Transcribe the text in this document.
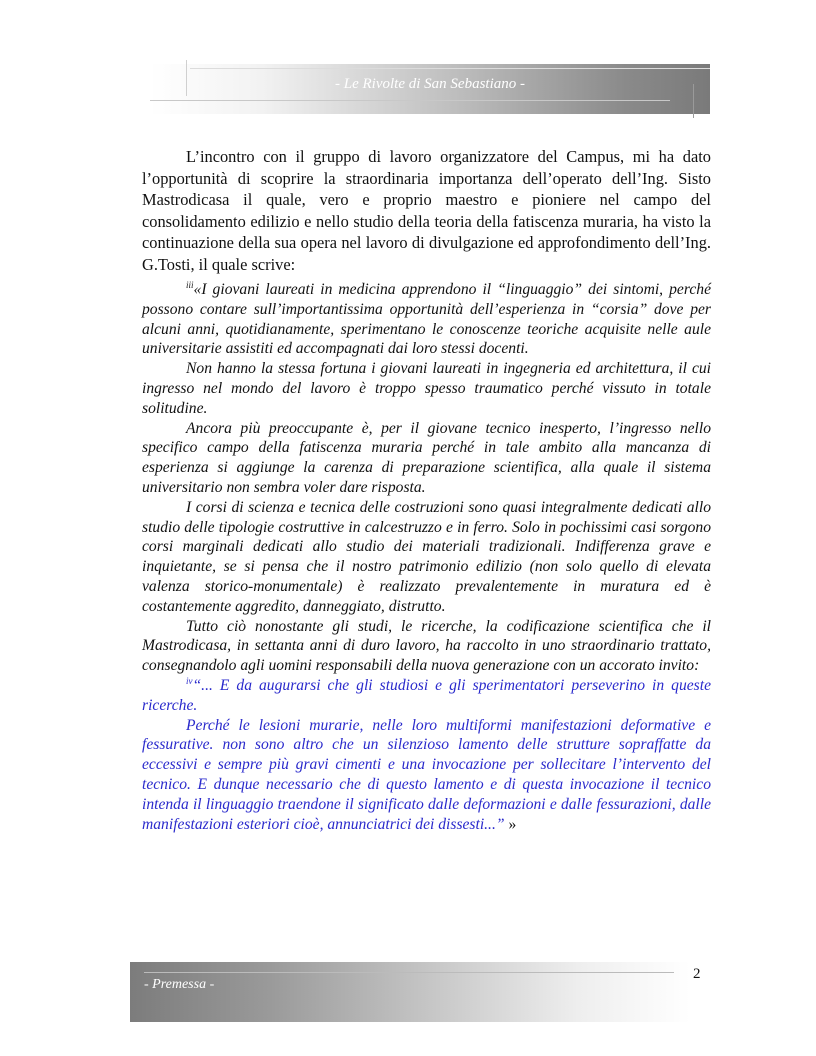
- Le Rivolte di San Sebastiano -

L’incontro con il gruppo di lavoro organizzatore del Campus, mi ha dato l’opportunità di scoprire la straordinaria importanza dell’operato dell’Ing. Sisto Mastrodicasa il quale, vero e proprio maestro e pioniere nel campo del consolidamento edilizio e nello studio della teoria della fatiscenza muraria, ha visto la continuazione della sua opera nel lavoro di divulgazione ed approfondimento dell’Ing. G.Tosti, il quale scrive:

$^{iii}$«I giovani laureati in medicina apprendono il “linguaggio” dei sintomi, perché possono contare sull’importantissima opportunità dell’esperienza in “corsia” dove per alcuni anni, quotidianamente, sperimentano le conoscenze teoriche acquisite nelle aule universitarie assistiti ed accompagnati dai loro stessi docenti.

Non hanno la stessa fortuna i giovani laureati in ingegneria ed architettura, il cui ingresso nel mondo del lavoro è troppo spesso traumatico perché vissuto in totale solitudine.

Ancora più preoccupante è, per il giovane tecnico inesperto, l’ingresso nello specifico campo della fatiscenza muraria perché in tale ambito alla mancanza di esperienza si aggiunge la carenza di preparazione scientifica, alla quale il sistema universitario non sembra voler dare risposta.

I corsi di scienza e tecnica delle costruzioni sono quasi integralmente dedicati allo studio delle tipologie costruttive in calcestruzzo e in ferro. Solo in pochissimi casi sorgono corsi marginali dedicati allo studio dei materiali tradizionali. Indifferenza grave e inquietante, se si pensa che il nostro patrimonio edilizio (non solo quello di elevata valenza storico-monumentale) è realizzato prevalentemente in muratura ed è costantemente aggredito, danneggiato, distrutto.

Tutto ciò nonostante gli studi, le ricerche, la codificazione scientifica che il Mastrodicasa, in settanta anni di duro lavoro, ha raccolto in uno straordinario trattato, consegnandolo agli uomini responsabili della nuova generazione con un accorato invito:

$^{iv}$“... E da augurarsi che gli studiosi e gli sperimentatori perseverino in queste ricerche.

Perché le lesioni murarie, nelle loro multiformi manifestazioni deformative e fessurative. non sono altro che un silenzioso lamento delle strutture sopraffatte da eccessivi e sempre più gravi cimenti e una invocazione per sollecitare l’intervento del tecnico. E dunque necessario che di questo lamento e di questa invocazione il tecnico intenda il linguaggio traendone il significato dalle deformazioni e dalle fessurazioni, dalle manifestazioni esteriori cioè, annunciatrici dei dissesti...” »

- Premessa -
2
